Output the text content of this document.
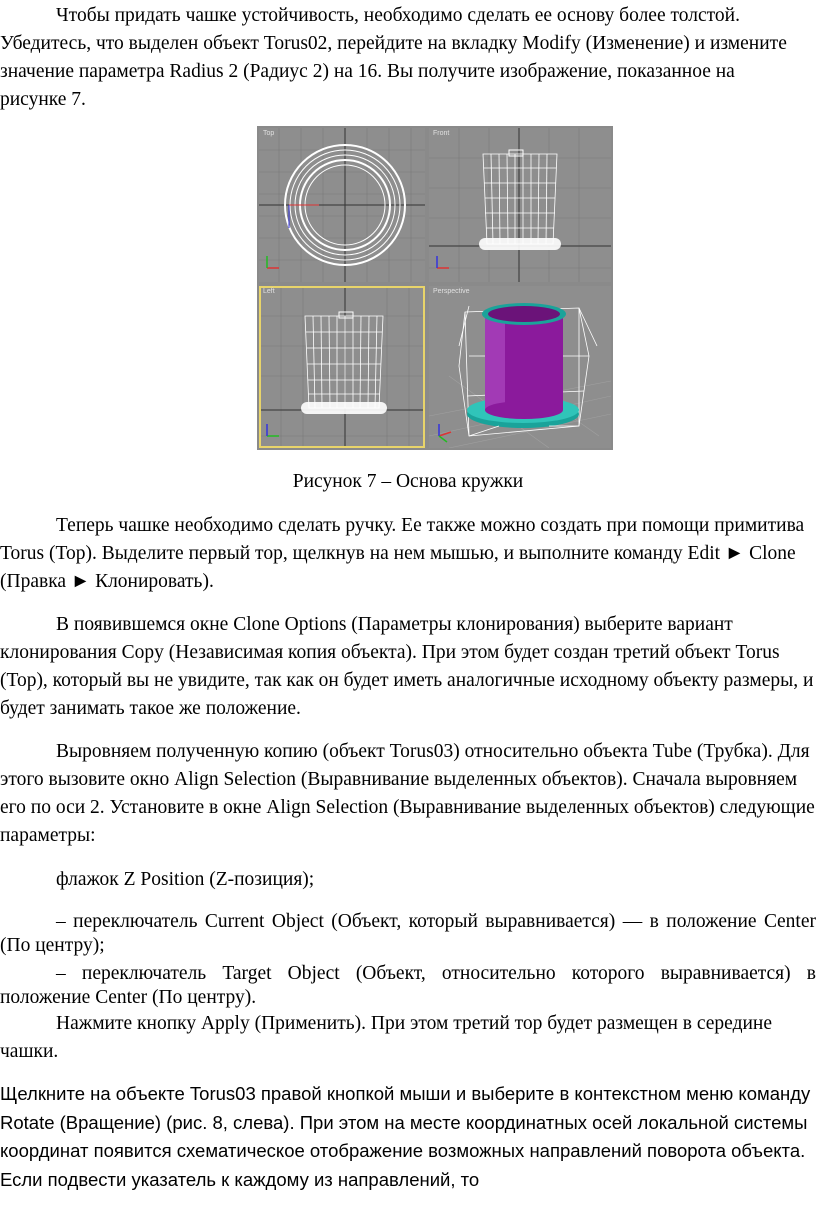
Чтобы придать чашке устойчивость, необходимо сделать ее основу более толстой. Убедитесь, что выделен объект Torus02, перейдите на вкладку Modify (Изменение) и измените значение параметра Radius 2 (Радиус 2) на 16. Вы получите изображение, показанное на рисунке 7.

Top	Front
Left	Perspective
Рисунок 7 – Основа кружки

Теперь чашке необходимо сделать ручку. Ее также можно создать при помощи примитива Torus (Тор). Выделите первый тор, щелкнув на нем мышью, и выполните команду Edit ► Clone (Правка ► Клонировать).

В появившемся окне Clone Options (Параметры клонирования) выберите вариант клонирования Copy (Независимая копия объекта). При этом будет создан третий объект Torus (Тор), который вы не увидите, так как он будет иметь аналогичные исходному объекту размеры, и будет занимать такое же положение.

Выровняем полученную копию (объект Torus03) относительно объекта Tube (Трубка). Для этого вызовите окно Align Selection (Выравнивание выделенных объектов). Сначала выровняем его по оси 2. Установите в окне Align Selection (Выравнивание выделенных объектов) следующие параметры:

флажок Z Position (Z-позиция);

– переключатель Current Object (Объект, который выравнивается) — в положение Center (По центру);

– переключатель Target Object (Объект, относительно которого выравнивается) в положение Center (По центру).

Нажмите кнопку Apply (Применить). При этом третий тор будет размещен в середине чашки.

Щелкните на объекте Torus03 правой кнопкой мыши и выберите в контекстном меню команду Rotate (Вращение) (рис. 8, слева). При этом на месте координатных осей локальной системы координат появится схематическое отображение возможных направлений поворота объекта. Если подвести указатель к каждому из направлений, то
